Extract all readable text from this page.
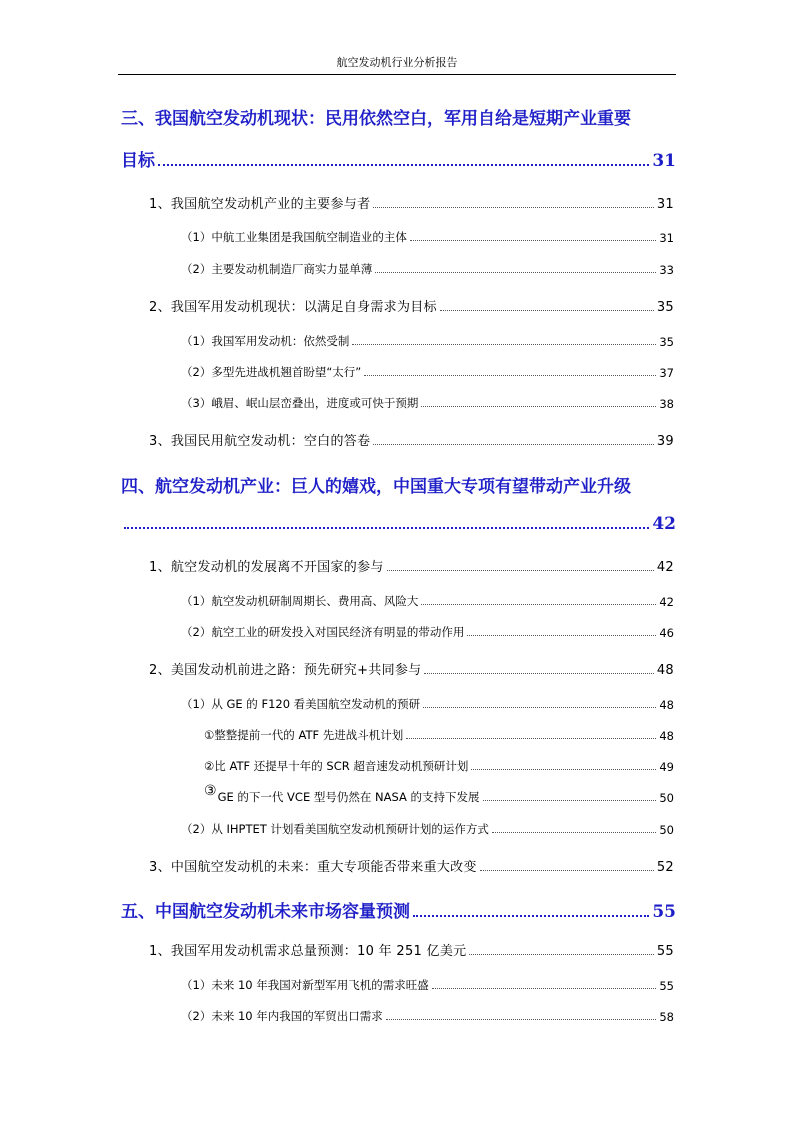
航空发动机行业分析报告
三、我国航空发动机现状：民用依然空白，军用自给是短期产业重要
目标	31
1、我国航空发动机产业的主要参与者	31
（1）中航工业集团是我国航空制造业的主体	31
（2）主要发动机制造厂商实力显单薄	33
2、我国军用发动机现状：以满足自身需求为目标	35
（1）我国军用发动机：依然受制	35
（2）多型先进战机翘首盼望“太行”	37
（3）峨眉、岷山层峦叠出，进度或可快于预期	38
3、我国民用航空发动机：空白的答卷	39
四、航空发动机产业：巨人的嬉戏，中国重大专项有望带动产业升级
42
1、航空发动机的发展离不开国家的参与	42
（1）航空发动机研制周期长、费用高、风险大	42
（2）航空工业的研发投入对国民经济有明显的带动作用	46
2、美国发动机前进之路：预先研究+共同参与	48
（1）从 GE 的 F120 看美国航空发动机的预研	48
①整整提前一代的 ATF 先进战斗机计划	48
②比 ATF 还提早十年的 SCR 超音速发动机预研计划	49
③ GE 的下一代 VCE 型号仍然在 NASA 的支持下发展	50
（2）从 IHPTET 计划看美国航空发动机预研计划的运作方式	50
3、中国航空发动机的未来：重大专项能否带来重大改变	52
五、中国航空发动机未来市场容量预测	55
1、我国军用发动机需求总量预测：10 年 251 亿美元	55
（1）未来 10 年我国对新型军用飞机的需求旺盛	55
（2）未来 10 年内我国的军贸出口需求	58
